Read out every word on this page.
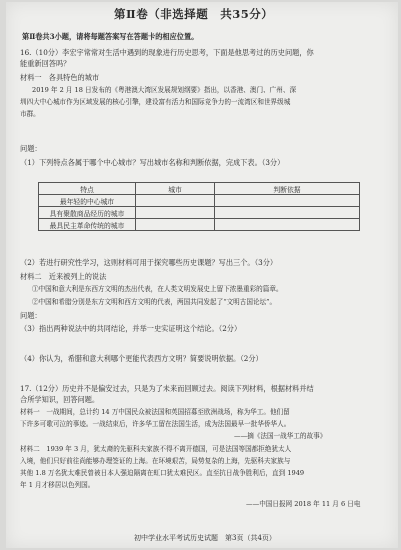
第Ⅱ卷（非选择题　共35分）
第Ⅱ卷共3小题，请将每题答案写在答题卡的相应位置。
16.（10分）李宏宇常常对生活中遇到的现象进行历史思考，下面是他思考过的历史问题，你
能重新回答吗？
材料一　各具特色的城市
2019 年 2 月 18 日发布的《粤港澳大湾区发展规划纲要》指出，以香港、澳门、广州、深
圳四大中心城市作为区域发展的核心引擎，建设富有活力和国际竞争力的一流湾区和世界级城
市群。
问题：
（1）下列特点各属于哪个中心城市？写出城市名称和判断依据，完成下表。（3分）
特点	城市	判断依据
最年轻的中心城市		
具有聚散商品经历的城市		
最具民主革命传统的城市		
（2）若进行研究性学习，这则材料可用于探究哪些历史课题？写出三个。（3分）
材料二　近来被列上的说法
①中国和意大利是东西方文明的杰出代表，在人类文明发展史上留下浓墨重彩的篇章。
②中国和希腊分别是东方文明和西方文明的代表，两国共同发起了“文明古国论坛”。
问题：
（3）指出两种说法中的共同结论，并举一史实证明这个结论。（2分）
（4）你认为，希腊和意大利哪个更能代表西方文明？简要说明依据。（2分）
17.（12分）历史并不是偏安过去，只是为了未来而回顾过去。阅读下列材料，根据材料并结
合所学知识，回答问题。
材料一　一战期间，总计约 14 万中国民众被法国和英国招募至欧洲战场，称为华工。他们留
下许多可歌可泣的事迹。一战结束后，许多华工留在法国生活，成为法国最早一批华侨华人。
——摘《法国一战华工的故事》
材料二　1939 年 3 月，犹太裔的先驱科夫家族不得不离开德国，可是法国等国都拒绝犹太人
入境，他们只好前往尚能够办理签证的上海。在环境艰苦，局势复杂的上海，先驱科夫家族与
其他 1.8 万名犹太难民曾被日本人强迫隔离在虹口犹太难民区。直至抗日战争胜利后，直到 1949
年 1 月才移居以色列国。
——中国日报网 2018 年 11 月 6 日电
初中学业水平考试历史试题　第3页（共4页）
